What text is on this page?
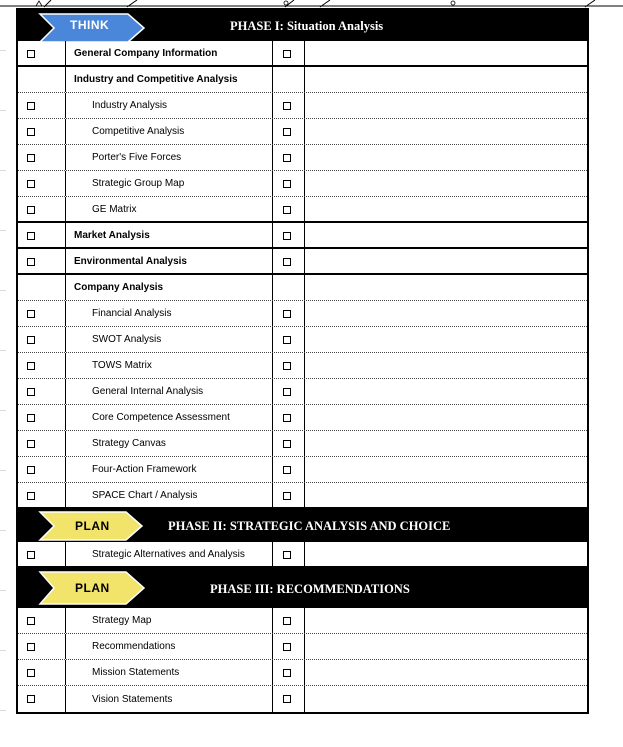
THINK	PHASE I: Situation Analysis
General Company Information
Industry and Competitive Analysis
Industry Analysis
Competitive Analysis
Porter's Five Forces
Strategic Group Map
GE Matrix
Market Analysis
Environmental Analysis
Company Analysis
Financial Analysis
SWOT Analysis
TOWS Matrix
General Internal Analysis
Core Competence Assessment
Strategy Canvas
Four-Action Framework
SPACE Chart / Analysis
PLAN	PHASE II: STRATEGIC ANALYSIS AND CHOICE
Strategic Alternatives and Analysis
PLAN	PHASE III: RECOMMENDATIONS
Strategy Map
Recommendations
Mission Statements
Vision Statements
